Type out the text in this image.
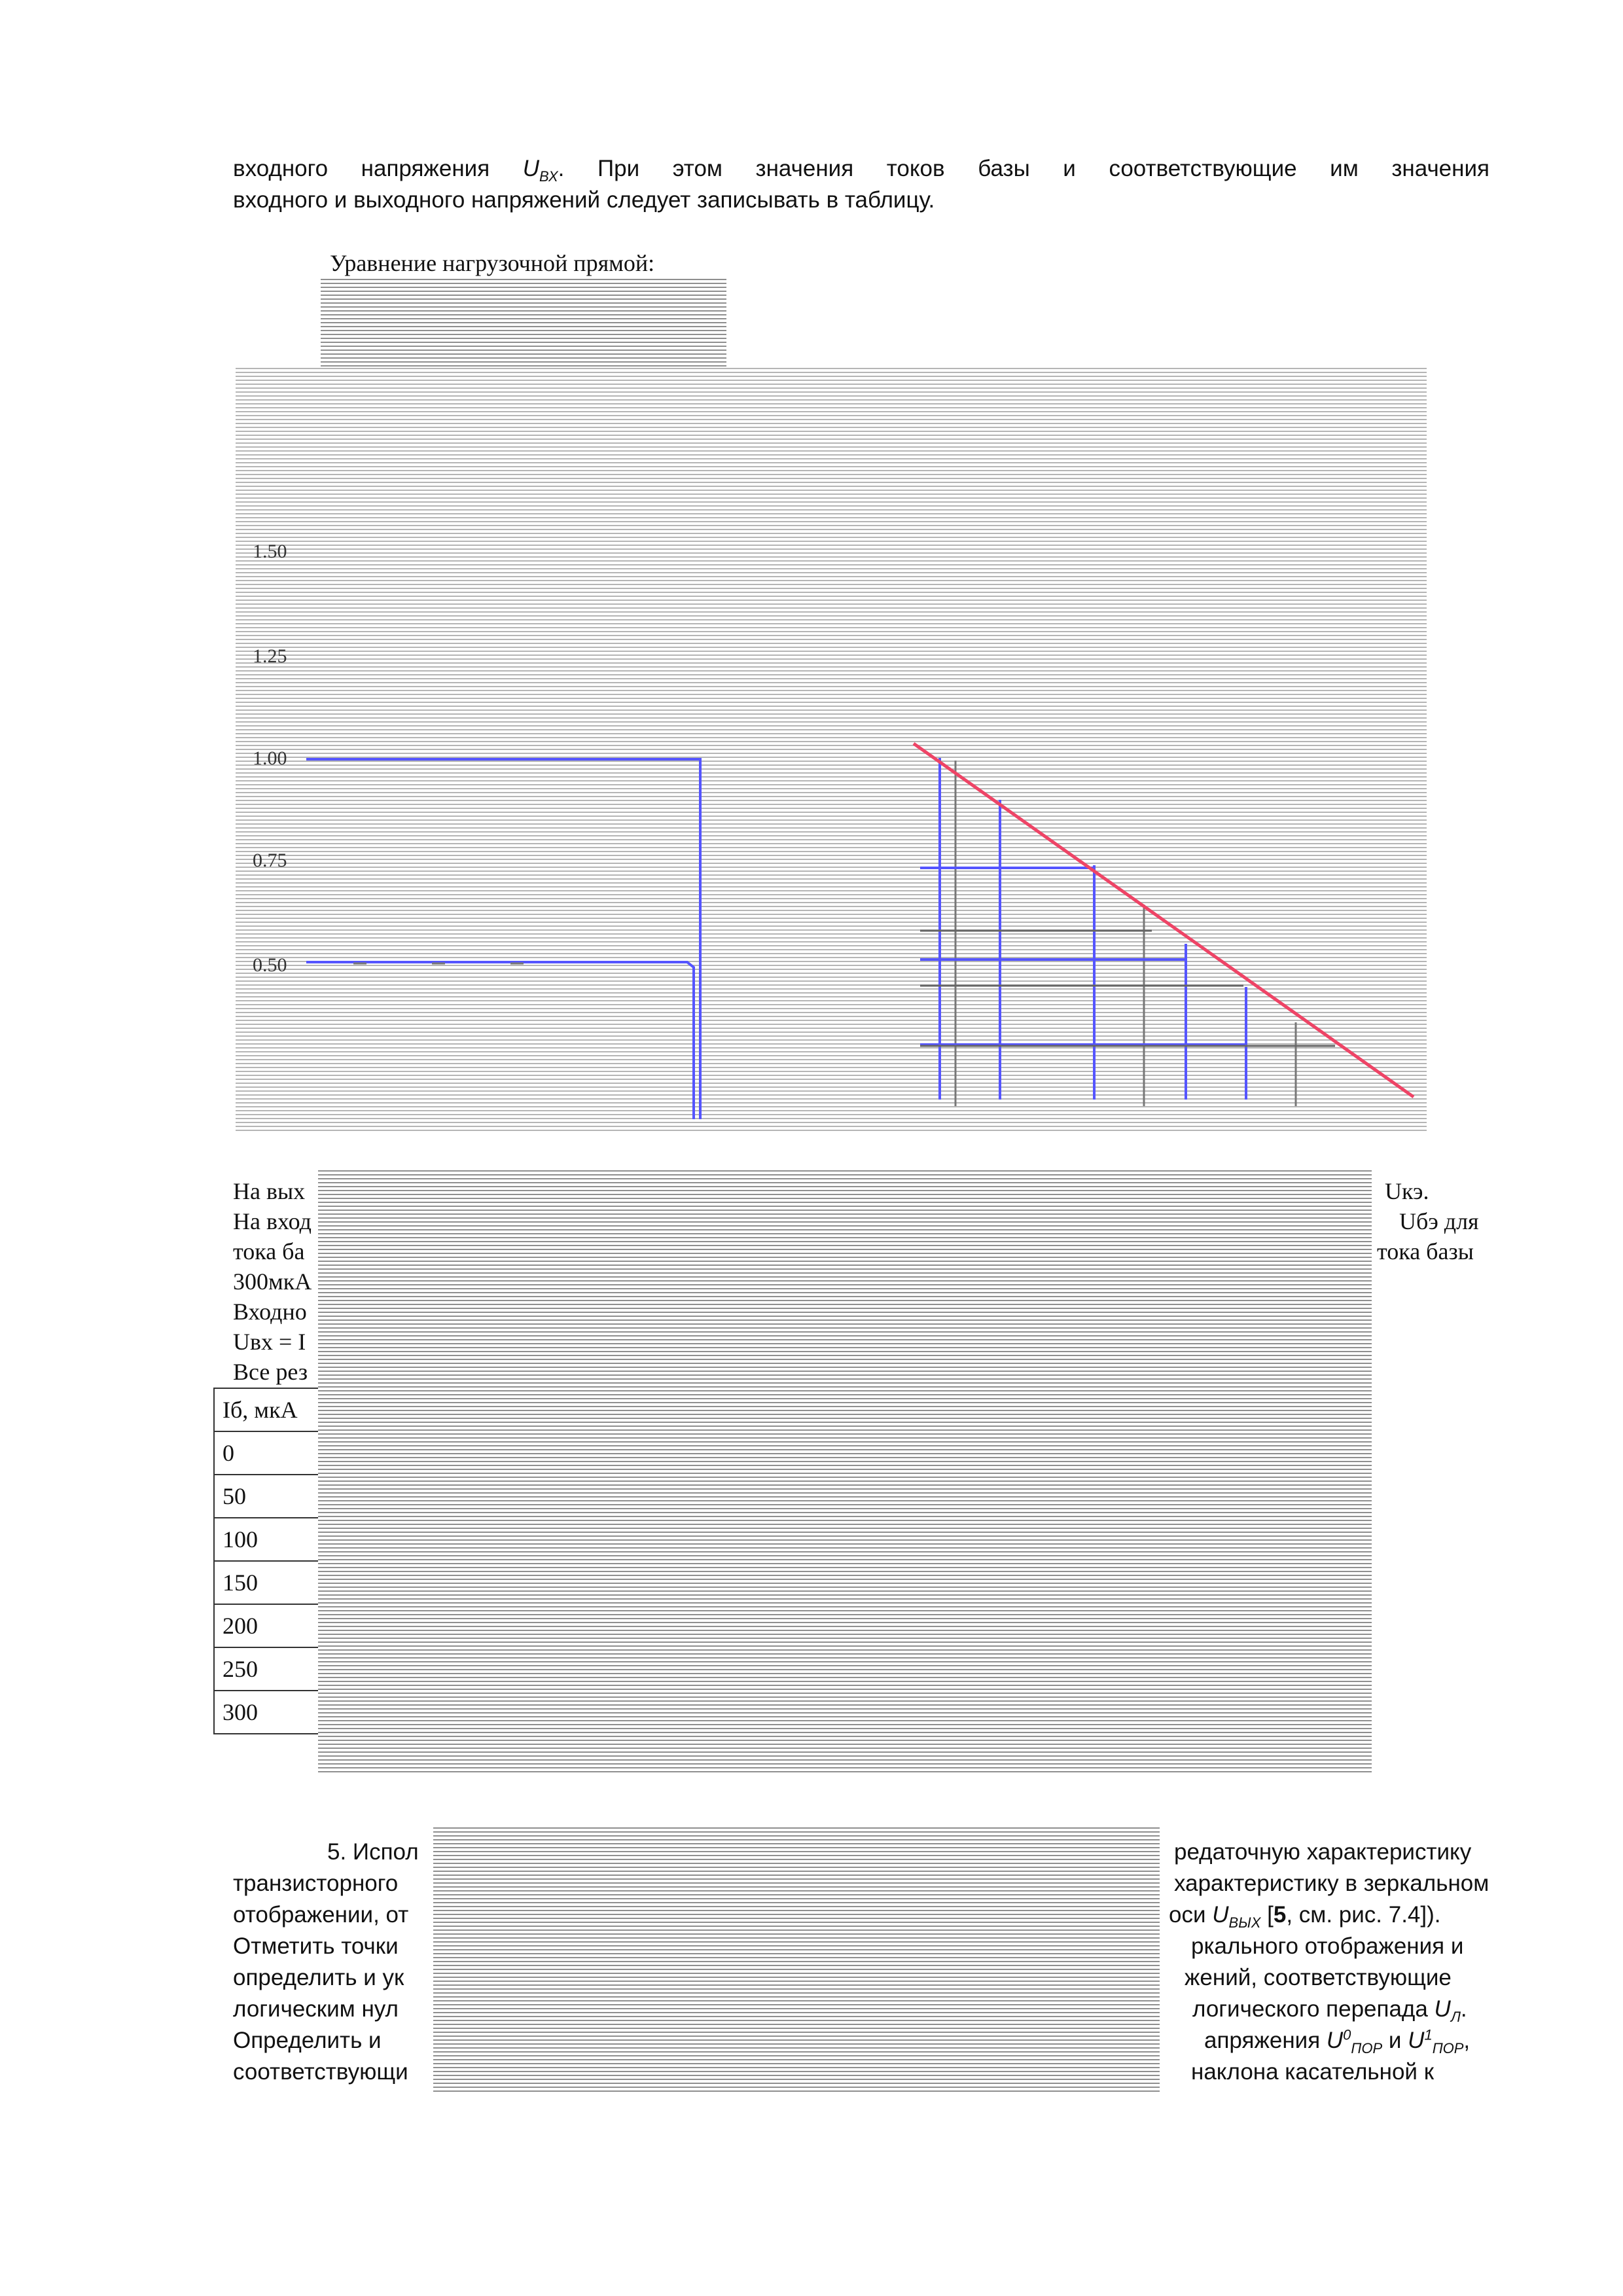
входного напряжения $U_{ВХ}$. При этом значения токов базы и соответствующие им значения
входного и выходного напряжений следует записывать в таблицу.
Уравнение нагрузочной прямой:
1.50
1.25
1.00
0.75
0.50
На вых	Uкэ.
На вход	Uбэ для
тока ба	тока базы
300мкА
Входно
Uвх = I
Все рез
Iб, мкА
0
50
100
150
200
250
300
5. Испол	редаточную характеристику
транзисторного	характеристику в зеркальном
отображении, от	оси $U_{ВЫХ}$ [5, см. рис. 7.4]).
Отметить точки	ркального отображения и
определить и ук	жений, соответствующие
логическим нул	логического перепада $U_Л$.
Определить и	апряжения $U^0_{ПОР}$ и $U^1_{ПОР}$,
соответствующи	наклона касательной к
